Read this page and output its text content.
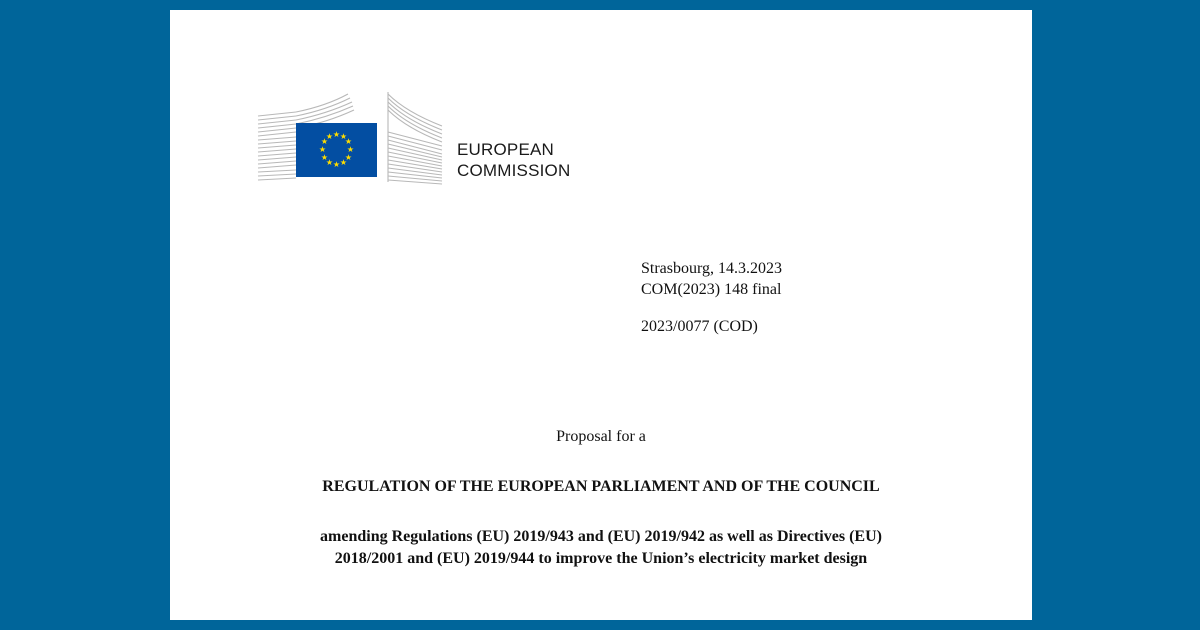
★ ★
★
★
★
★
★
★
★
★
★
★
EUROPEAN
COMMISSION
Strasbourg, 14.3.2023
COM(2023) 148 final
2023/0077 (COD)
Proposal for a
REGULATION OF THE EUROPEAN PARLIAMENT AND OF THE COUNCIL
amending Regulations (EU) 2019/943 and (EU) 2019/942 as well as Directives (EU)
2018/2001 and (EU) 2019/944 to improve the Union’s electricity market design
